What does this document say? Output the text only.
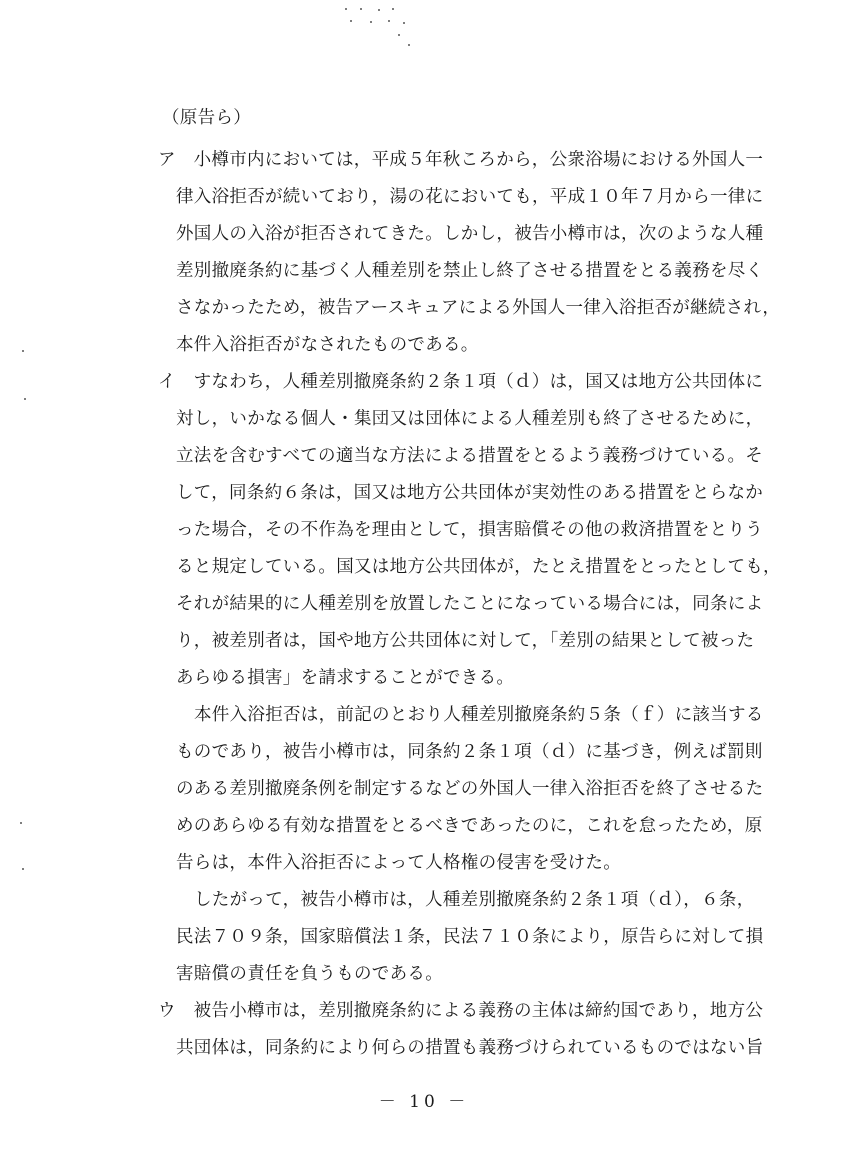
（原告ら）
ア　小樽市内においては，平成５年秋ころから，公衆浴場における外国人一
律入浴拒否が続いており，湯の花においても，平成１０年７月から一律に
外国人の入浴が拒否されてきた。しかし，被告小樽市は，次のような人種
差別撤廃条約に基づく人種差別を禁止し終了させる措置をとる義務を尽く
さなかったため，被告アースキュアによる外国人一律入浴拒否が継続され，
本件入浴拒否がなされたものである。
イ　すなわち，人種差別撤廃条約２条１項（ｄ）は，国又は地方公共団体に
対し，いかなる個人・集団又は団体による人種差別も終了させるために，
立法を含むすべての適当な方法による措置をとるよう義務づけている。そ
して，同条約６条は，国又は地方公共団体が実効性のある措置をとらなか
った場合，その不作為を理由として，損害賠償その他の救済措置をとりう
ると規定している。国又は地方公共団体が，たとえ措置をとったとしても，
それが結果的に人種差別を放置したことになっている場合には，同条によ
り，被差別者は，国や地方公共団体に対して，「差別の結果として被った
あらゆる損害」を請求することができる。
本件入浴拒否は，前記のとおり人種差別撤廃条約５条（ｆ）に該当する
ものであり，被告小樽市は，同条約２条１項（ｄ）に基づき，例えば罰則
のある差別撤廃条例を制定するなどの外国人一律入浴拒否を終了させるた
めのあらゆる有効な措置をとるべきであったのに，これを怠ったため，原
告らは，本件入浴拒否によって人格権の侵害を受けた。
したがって，被告小樽市は，人種差別撤廃条約２条１項（ｄ），６条，
民法７０９条，国家賠償法１条，民法７１０条により，原告らに対して損
害賠償の責任を負うものである。
ウ　被告小樽市は，差別撤廃条約による義務の主体は締約国であり，地方公
共団体は，同条約により何らの措置も義務づけられているものではない旨
－ 10 －
